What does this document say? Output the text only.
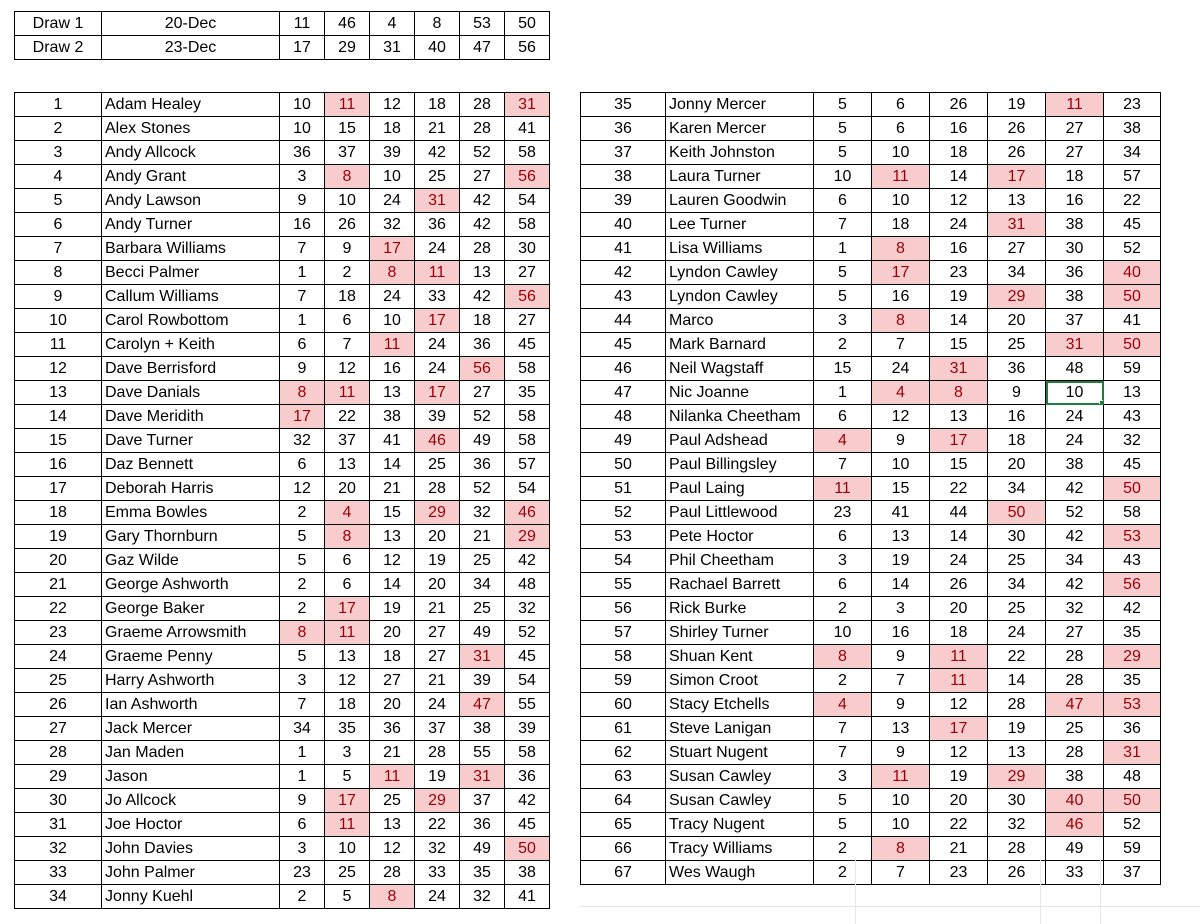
Draw 1	20-Dec	11	46	4	8	53	50
Draw 2	23-Dec	17	29	31	40	47	56
1	Adam Healey	10	11	12	18	28	31
2	Alex Stones	10	15	18	21	28	41
3	Andy Allcock	36	37	39	42	52	58
4	Andy Grant	3	8	10	25	27	56
5	Andy Lawson	9	10	24	31	42	54
6	Andy Turner	16	26	32	36	42	58
7	Barbara Williams	7	9	17	24	28	30
8	Becci Palmer	1	2	8	11	13	27
9	Callum Williams	7	18	24	33	42	56
10	Carol Rowbottom	1	6	10	17	18	27
11	Carolyn + Keith	6	7	11	24	36	45
12	Dave Berrisford	9	12	16	24	56	58
13	Dave Danials	8	11	13	17	27	35
14	Dave Meridith	17	22	38	39	52	58
15	Dave Turner	32	37	41	46	49	58
16	Daz Bennett	6	13	14	25	36	57
17	Deborah Harris	12	20	21	28	52	54
18	Emma Bowles	2	4	15	29	32	46
19	Gary Thornburn	5	8	13	20	21	29
20	Gaz Wilde	5	6	12	19	25	42
21	George Ashworth	2	6	14	20	34	48
22	George Baker	2	17	19	21	25	32
23	Graeme Arrowsmith	8	11	20	27	49	52
24	Graeme Penny	5	13	18	27	31	45
25	Harry Ashworth	3	12	27	21	39	54
26	Ian Ashworth	7	18	20	24	47	55
27	Jack Mercer	34	35	36	37	38	39
28	Jan Maden	1	3	21	28	55	58
29	Jason	1	5	11	19	31	36
30	Jo Allcock	9	17	25	29	37	42
31	Joe Hoctor	6	11	13	22	36	45
32	John Davies	3	10	12	32	49	50
33	John Palmer	23	25	28	33	35	38
34	Jonny Kuehl	2	5	8	24	32	41
35	Jonny Mercer	5	6	26	19	11	23
36	Karen Mercer	5	6	16	26	27	38
37	Keith Johnston	5	10	18	26	27	34
38	Laura Turner	10	11	14	17	18	57
39	Lauren Goodwin	6	10	12	13	16	22
40	Lee Turner	7	18	24	31	38	45
41	Lisa Williams	1	8	16	27	30	52
42	Lyndon Cawley	5	17	23	34	36	40
43	Lyndon Cawley	5	16	19	29	38	50
44	Marco	3	8	14	20	37	41
45	Mark Barnard	2	7	15	25	31	50
46	Neil Wagstaff	15	24	31	36	48	59
47	Nic Joanne	1	4	8	9	10	13
48	Nilanka Cheetham	6	12	13	16	24	43
49	Paul Adshead	4	9	17	18	24	32
50	Paul Billingsley	7	10	15	20	38	45
51	Paul Laing	11	15	22	34	42	50
52	Paul Littlewood	23	41	44	50	52	58
53	Pete Hoctor	6	13	14	30	42	53
54	Phil Cheetham	3	19	24	25	34	43
55	Rachael Barrett	6	14	26	34	42	56
56	Rick Burke	2	3	20	25	32	42
57	Shirley Turner	10	16	18	24	27	35
58	Shuan Kent	8	9	11	22	28	29
59	Simon Croot	2	7	11	14	28	35
60	Stacy Etchells	4	9	12	28	47	53
61	Steve Lanigan	7	13	17	19	25	36
62	Stuart Nugent	7	9	12	13	28	31
63	Susan Cawley	3	11	19	29	38	48
64	Susan Cawley	5	10	20	30	40	50
65	Tracy Nugent	5	10	22	32	46	52
66	Tracy Williams	2	8	21	28	49	59
67	Wes Waugh	2	7	23	26	33	37
